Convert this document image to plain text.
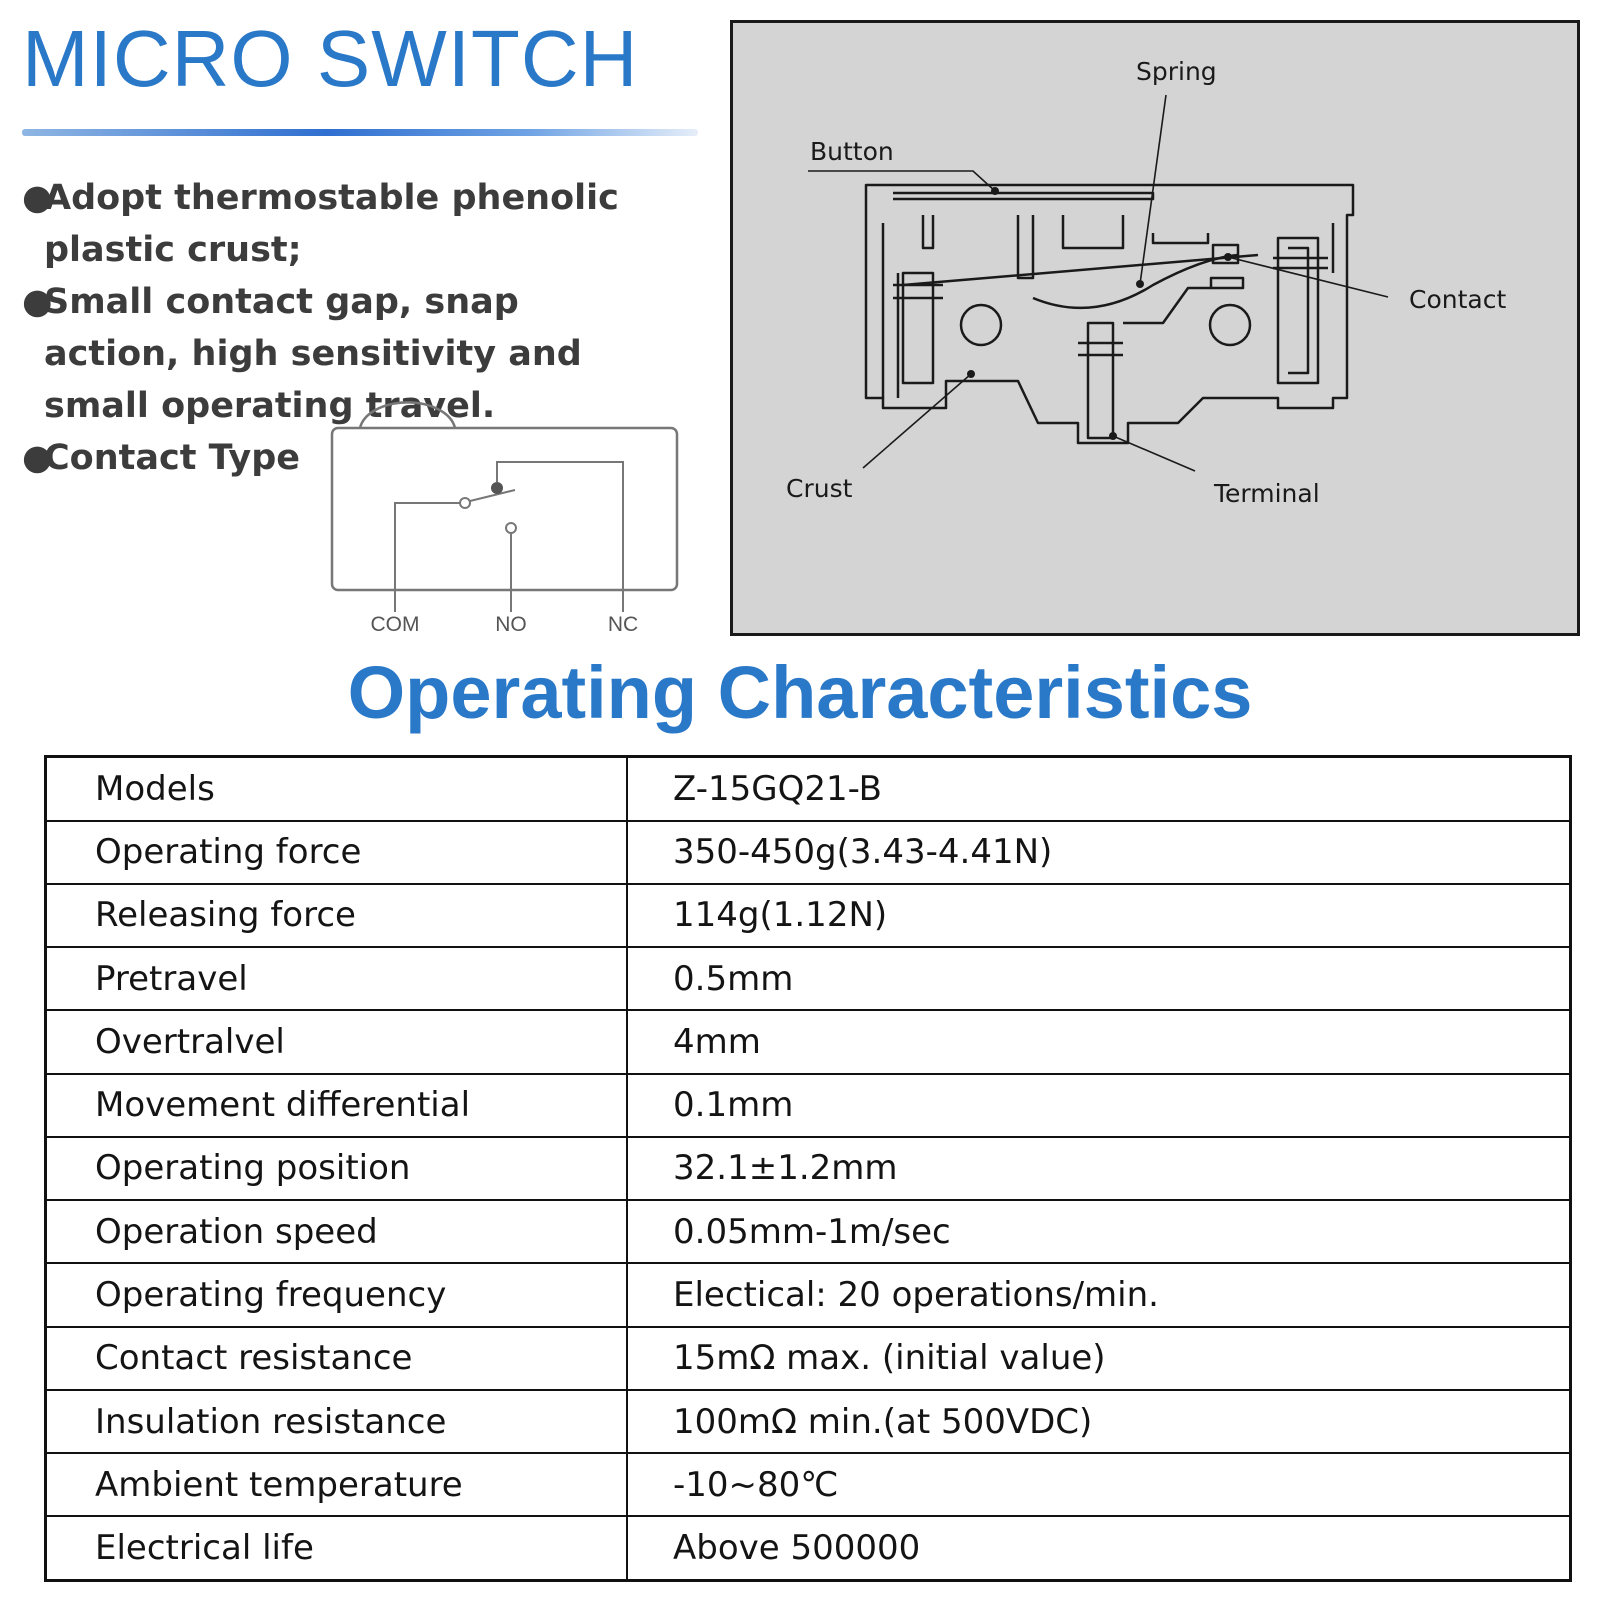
MICRO SWITCH
●
Adopt thermostable phenolic plastic crust;
●
Small contact gap, snap action, high sensitivity and small operating travel.
●
Contact Type
COM	NO	NC
Spring
Button
Contact
Crust	Terminal
Operating Characteristics
Models	Z-15GQ21-B
Operating force	350-450g(3.43-4.41N)
Releasing force	114g(1.12N)
Pretravel	0.5mm
Overtralvel	4mm
Movement differential	0.1mm
Operating position	32.1±1.2mm
Operation speed	0.05mm-1m/sec
Operating frequency	Electical: 20 operations/min.
Contact resistance	15mΩ max. (initial value)
Insulation resistance	100mΩ min.(at 500VDC)
Ambient temperature	-10~80℃
Electrical life	Above 500000
